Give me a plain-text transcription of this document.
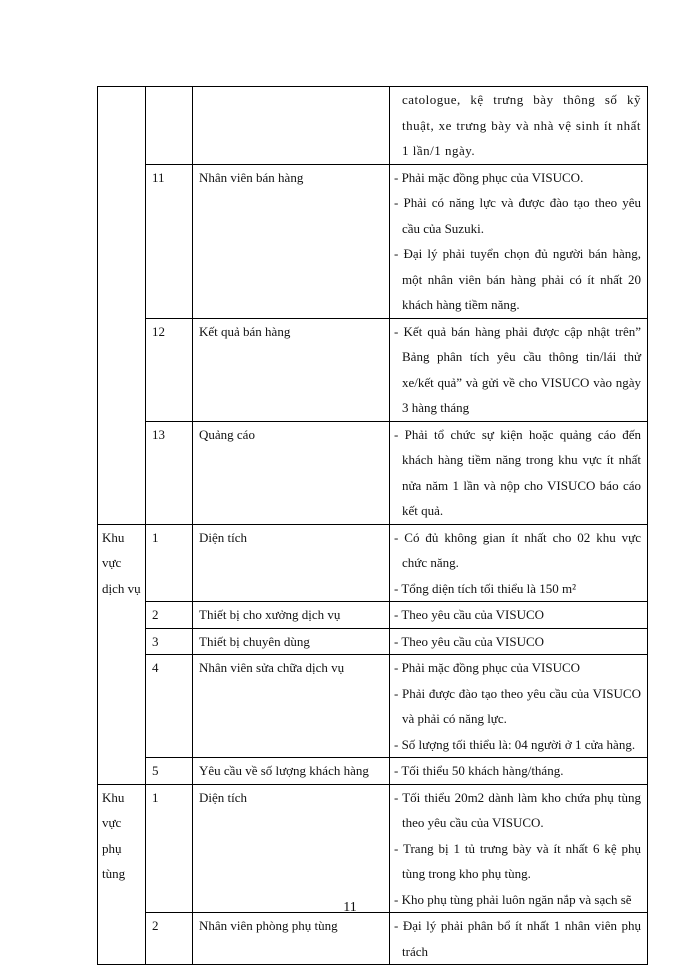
			catologue, kệ trưng bày thông số kỹ thuật, xe trưng bày và nhà vệ sinh ít nhất 1 lần/1 ngày.

	11	Nhân viên bán hàng	- Phải mặc đồng phục của VISUCO.
- Phải có năng lực và được đào tạo theo yêu cầu của Suzuki.
- Đại lý phải tuyển chọn đủ người bán hàng, một nhân viên bán hàng phải có ít nhất 20 khách hàng tiềm năng.

	12	Kết quả bán hàng	- Kết quả bán hàng phải được cập nhật trên” Bảng phân tích yêu cầu thông tin/lái thử xe/kết quả” và gửi về cho VISUCO vào ngày 3 hàng tháng

	13	Quảng cáo	- Phải tổ chức sự kiện hoặc quảng cáo đến khách hàng tiềm năng trong khu vực ít nhất nửa năm 1 lần và nộp cho VISUCO báo cáo kết quả.

Khu vực dịch vụ	1	Diện tích	- Có đủ không gian ít nhất cho 02 khu vực chức năng.
- Tổng diện tích tối thiểu là 150 m²

	2	Thiết bị cho xưởng dịch vụ	- Theo yêu cầu của VISUCO

	3	Thiết bị chuyên dùng	- Theo yêu cầu của VISUCO

	4	Nhân viên sửa chữa dịch vụ	- Phải mặc đồng phục của VISUCO
- Phải được đào tạo theo yêu cầu của VISUCO và phải có năng lực.
- Số lượng tối thiểu là: 04 người ở 1 cửa hàng.

	5	Yêu cầu về số lượng khách hàng	- Tối thiểu 50 khách hàng/tháng.

Khu vực phụ tùng	1	Diện tích	- Tối thiểu 20m2 dành làm kho chứa phụ tùng theo yêu cầu của VISUCO.
- Trang bị 1 tủ trưng bày và ít nhất 6 kệ phụ tùng trong kho phụ tùng.
- Kho phụ tùng phải luôn ngăn nắp và sạch sẽ

	2	Nhân viên phòng phụ tùng	- Đại lý phải phân bổ ít nhất 1 nhân viên phụ trách
11
